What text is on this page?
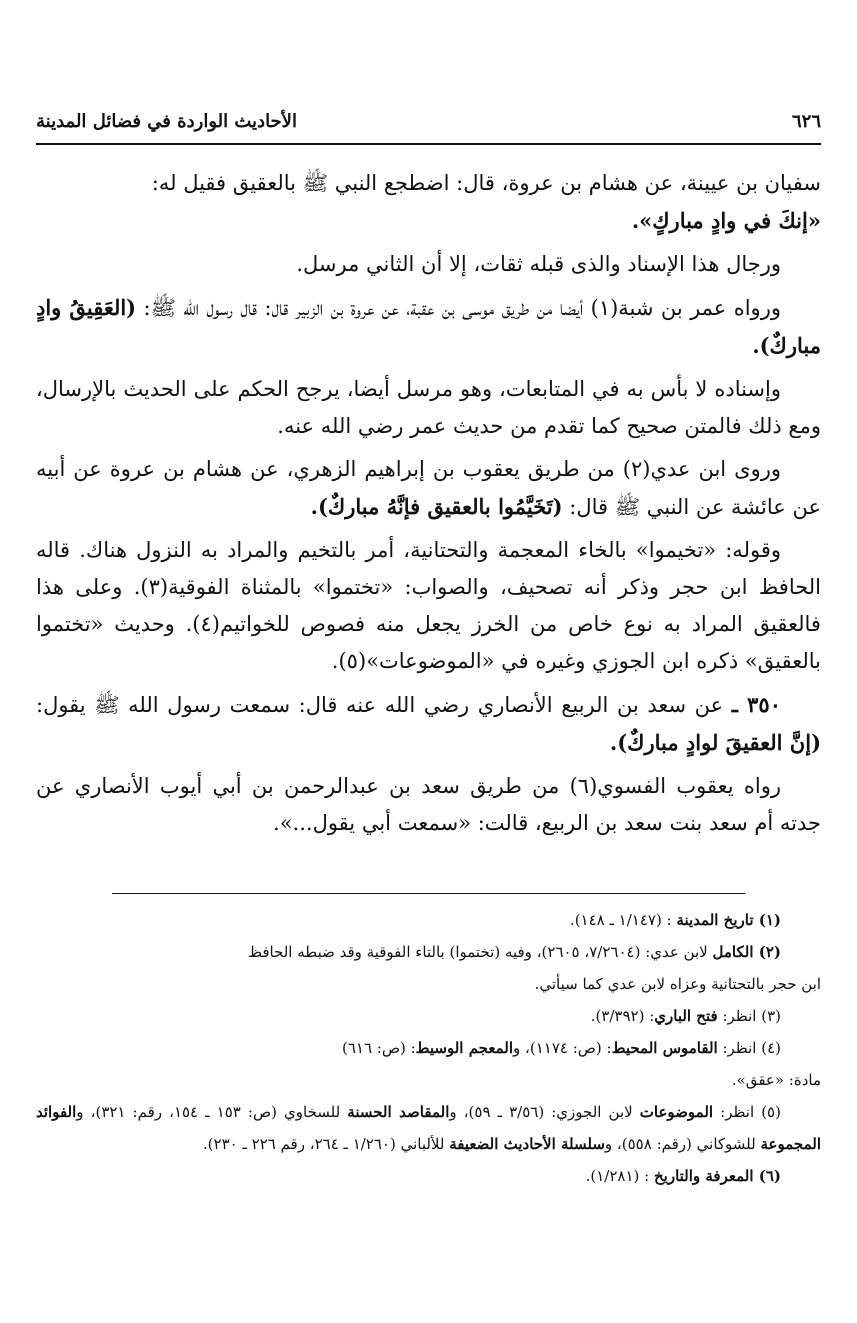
٦٢٦
الأحاديث الواردة في فضائل المدينة

سفيان بن عيينة، عن هشام بن عروة، قال: اضطجع النبي ﷺ بالعقيق فقيل له:
«إنكَ في وادٍ مباركٍ».

ورجال هذا الإسناد والذى قبله ثقات، إلا أن الثاني مرسل.

ورواه عمر بن شبة(١) أيضا من طريق موسى بن عقبة، عن عروة بن الزبير قال: قال رسول الله ﷺ: (العَقِيقُ وادٍ مباركٌ).

وإسناده لا بأس به في المتابعات، وهو مرسل أيضا، يرجح الحكم على الحديث بالإرسال، ومع ذلك فالمتن صحيح كما تقدم من حديث عمر رضي الله عنه.

وروى ابن عدي(٢) من طريق يعقوب بن إبراهيم الزهري، عن هشام بن عروة عن أبيه عن عائشة عن النبي ﷺ قال: (تَخَيَّمُوا بالعقيق فإنَّهُ مباركٌ).

وقوله: «تخيموا» بالخاء المعجمة والتحتانية، أمر بالتخيم والمراد به النزول هناك. قاله الحافظ ابن حجر وذكر أنه تصحيف، والصواب: «تختموا» بالمثناة الفوقية(٣). وعلى هذا فالعقيق المراد به نوع خاص من الخرز يجعل منه فصوص للخواتيم(٤). وحديث «تختموا بالعقيق» ذكره ابن الجوزي وغيره في «الموضوعات»(٥).

٣٥٠ ـ عن سعد بن الربيع الأنصاري رضي الله عنه قال: سمعت رسول الله ﷺ يقول: (إنَّ العقيقَ لوادٍ مباركٌ).

رواه يعقوب الفسوي(٦) من طريق سعد بن عبدالرحمن بن أبي أيوب الأنصاري عن جدته أم سعد بنت سعد بن الربيع، قالت: «سمعت أبي يقول...».

(١) تاريخ المدينة : (١/١٤٧ ـ ١٤٨).

(٢) الكامل لابن عدي: (٧/٢٦٠٤، ٢٦٠٥)، وفيه (تختموا) بالتاء الفوقية وقد ضبطه الحافظ

ابن حجر بالتحتانية وعزاه لابن عدي كما سيأتي.

(٣) انظر: فتح الباري: (٣/٣٩٢).

(٤) انظر: القاموس المحيط: (ص: ١١٧٤)، والمعجم الوسيط: (ص: ٦١٦)

مادة: «عقق».

(٥) انظر: الموضوعات لابن الجوزي: (٣/٥٦ ـ ٥٩)، والمقاصد الحسنة للسخاوي (ص: ١٥٣ ـ ١٥٤، رقم: ٣٢١)، والفوائد المجموعة للشوكاني (رقم: ٥٥٨)، وسلسلة الأحاديث الضعيفة للألباني (١/٢٦٠ ـ ٢٦٤، رقم ٢٢٦ ـ ٢٣٠).

(٦) المعرفة والتاريخ : (١/٢٨١).
